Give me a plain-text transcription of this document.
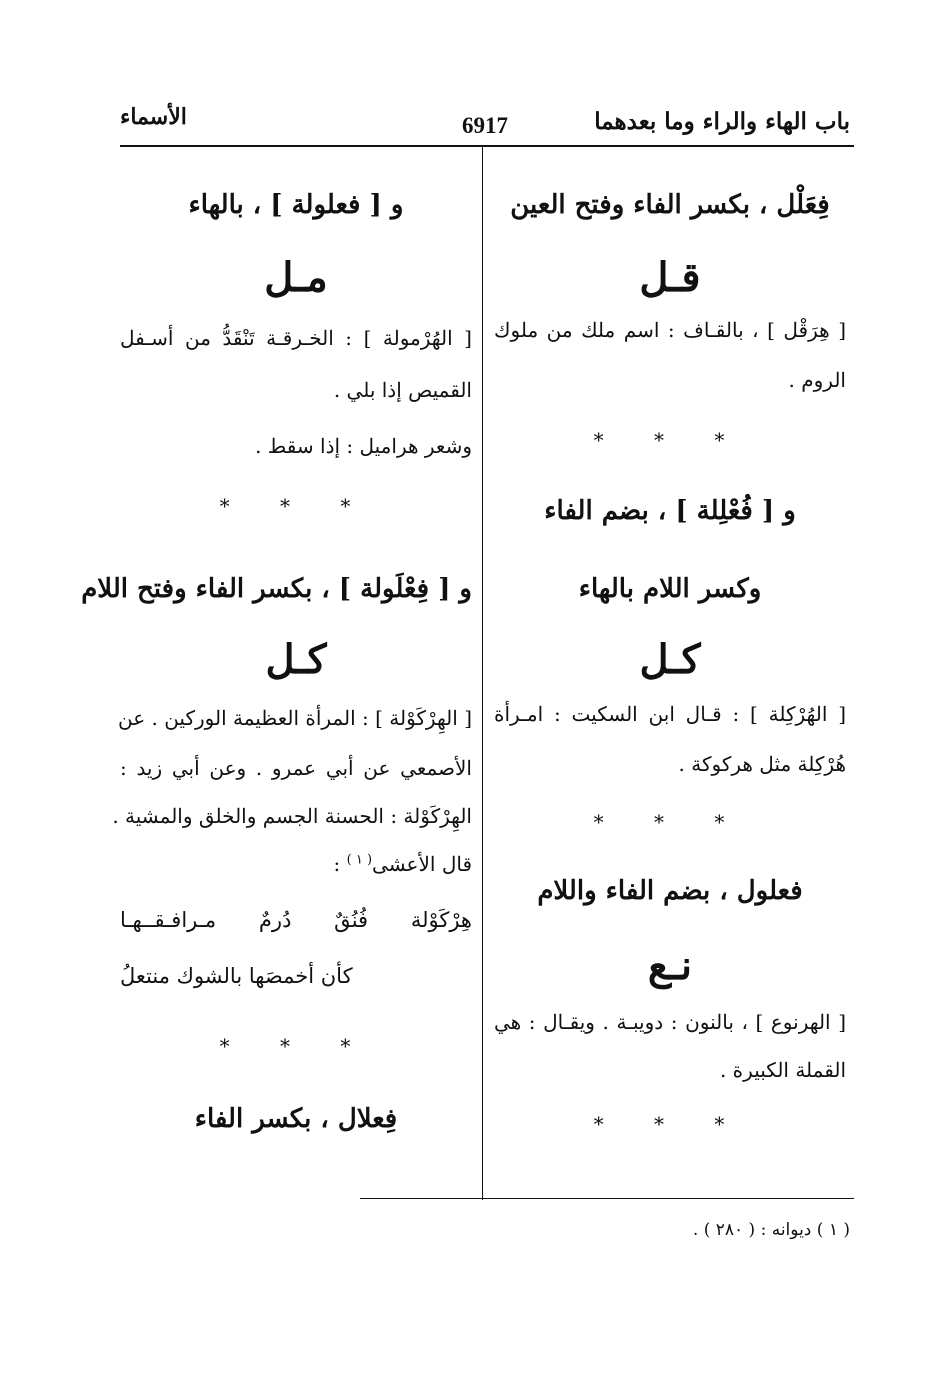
باب الهاء والراء وما بعدهما
6917
الأسماء
فِعَلْل ، بكسر الفاء وفتح العين
قـل
[ هِرَقْل ] ، بالقـاف : اسم ملك من ملوك
الروم .
* * *
و [ فُعْلِلة ] ، بضم الفاء
وكسر اللام بالهاء
كـل
[ الهُرْكِلة ] : قـال ابن السكيت : امـرأة
هُرْكِلة مثل هركوكة .
* * *
فعلول ، بضم الفاء واللام
نـع
[ الهرنوع ] ، بالنون : دويبـة . ويقـال : هي
القملة الكبيرة .
* * *
و [ فعلولة ] ، بالهاء
مـل
[ الهُرْمولة ] : الخـرقـة تَنْقَدُّ من أسـفل
القميص إذا بلي .
وشعر هراميل : إذا سقط .
* * *
و [ فِعْلَولة ] ، بكسر الفاء وفتح اللام
كـل
[ الهِرْكَوْلة ] : المرأة العظيمة الوركين . عن
الأصمعي عن أبي عمرو . وعن أبي زيد :
الهِرْكَوْلة : الحسنة الجسم والخلق والمشية .
قال الأعشى$^{( ١ )}$ :
هِرْكَوْلة فُنُقٌ دُرمٌ مـرافـقــهـا
كأن أخمصَها بالشوك منتعلُ
* * *
فِعلال ، بكسر الفاء
( ١ ) ديوانه : ( ٢٨٠ ) .
